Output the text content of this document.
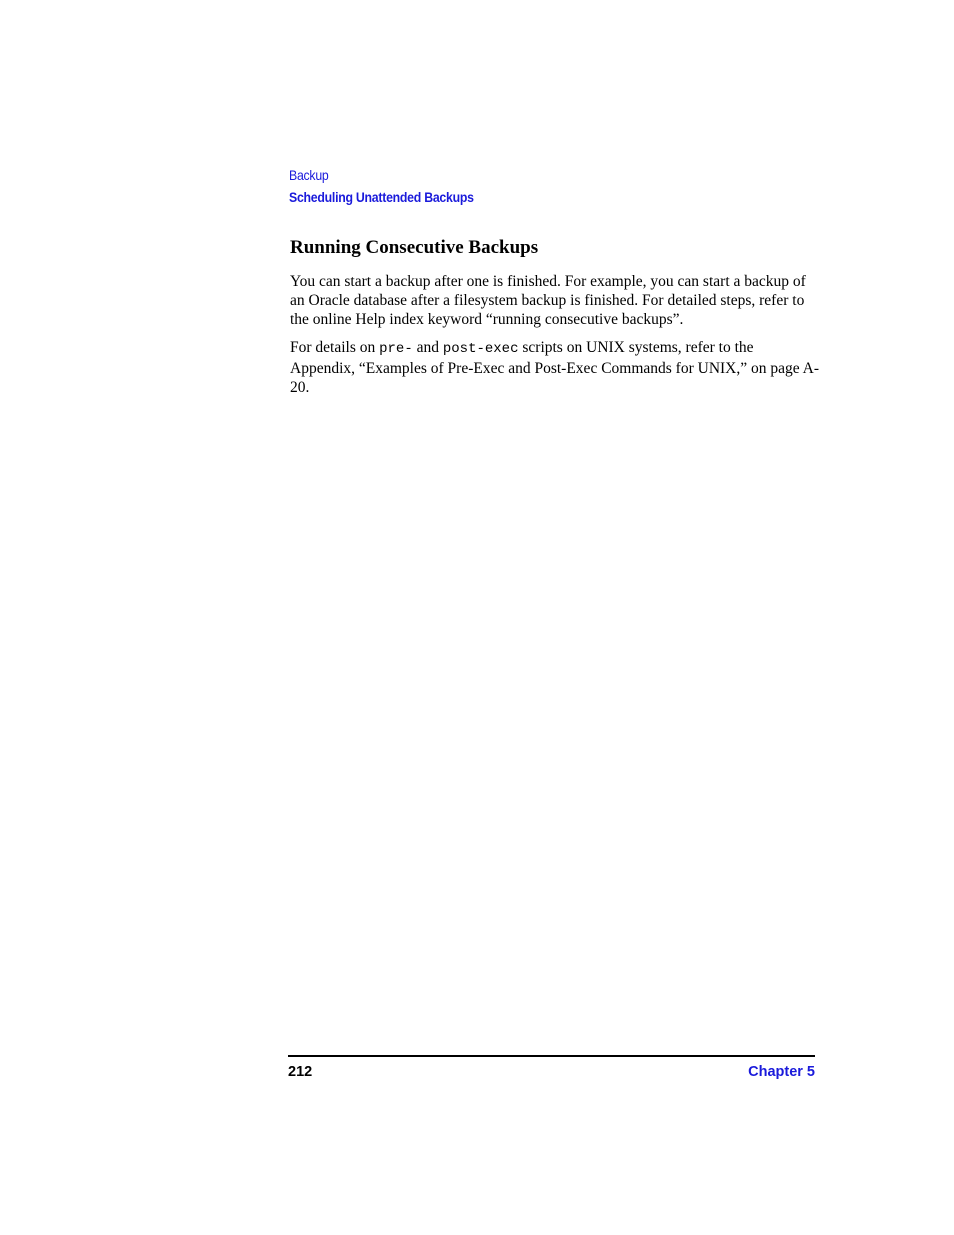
Backup
Scheduling Unattended Backups
Running Consecutive Backups

You can start a backup after one is finished. For example, you can start a backup of an Oracle database after a filesystem backup is finished. For detailed steps, refer to the online Help index keyword “running consecutive backups”.

For details on pre- and post-exec scripts on UNIX systems, refer to the Appendix, “Examples of Pre-Exec and Post-Exec Commands for UNIX,” on page A-20.

212	Chapter 5
